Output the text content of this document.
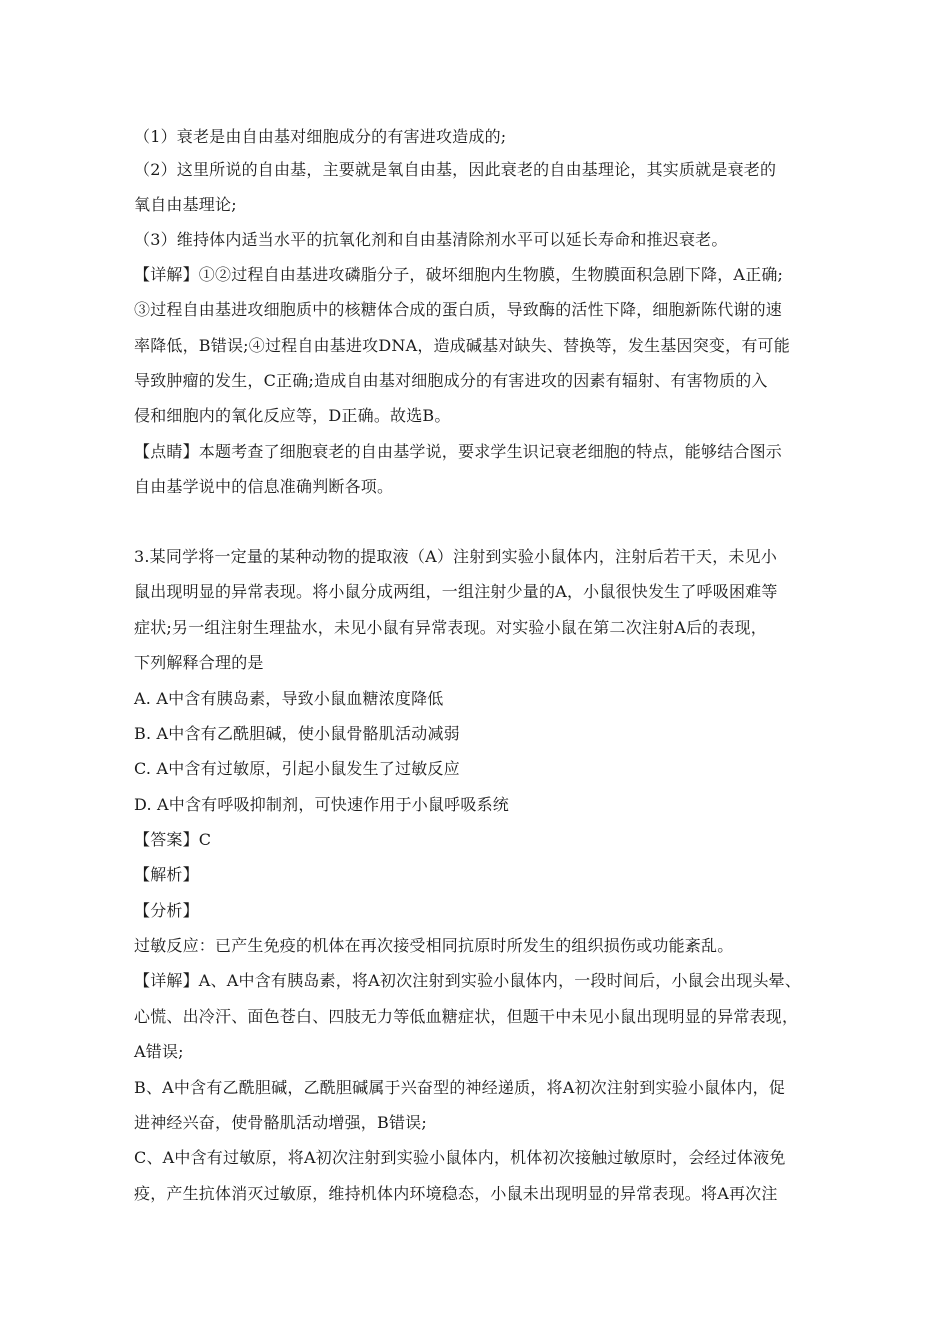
（1）衰老是由自由基对细胞成分的有害进攻造成的;
（2）这里所说的自由基，主要就是氧自由基，因此衰老的自由基理论，其实质就是衰老的
氧自由基理论;
（3）维持体内适当水平的抗氧化剂和自由基清除剂水平可以延长寿命和推迟衰老。
【详解】①②过程自由基进攻磷脂分子，破坏细胞内生物膜，生物膜面积急剧下降，A正确;
③过程自由基进攻细胞质中的核糖体合成的蛋白质，导致酶的活性下降，细胞新陈代谢的速
率降低，B错误;④过程自由基进攻DNA，造成碱基对缺失、替换等，发生基因突变，有可能
导致肿瘤的发生，C正确;造成自由基对细胞成分的有害进攻的因素有辐射、有害物质的入
侵和细胞内的氧化反应等，D正确。故选B。
【点睛】本题考查了细胞衰老的自由基学说，要求学生识记衰老细胞的特点，能够结合图示
自由基学说中的信息准确判断各项。
3.某同学将一定量的某种动物的提取液（A）注射到实验小鼠体内，注射后若干天，未见小
鼠出现明显的异常表现。将小鼠分成两组，一组注射少量的A，小鼠很快发生了呼吸困难等
症状;另一组注射生理盐水，未见小鼠有异常表现。对实验小鼠在第二次注射A后的表现，
下列解释合理的是
A. A中含有胰岛素，导致小鼠血糖浓度降低
B. A中含有乙酰胆碱，使小鼠骨骼肌活动减弱
C. A中含有过敏原，引起小鼠发生了过敏反应
D. A中含有呼吸抑制剂，可快速作用于小鼠呼吸系统
【答案】C
【解析】
【分析】
过敏反应：已产生免疫的机体在再次接受相同抗原时所发生的组织损伤或功能紊乱。
【详解】A、A中含有胰岛素，将A初次注射到实验小鼠体内，一段时间后，小鼠会出现头晕、
心慌、出冷汗、面色苍白、四肢无力等低血糖症状，但题干中未见小鼠出现明显的异常表现，
A错误;
B、A中含有乙酰胆碱，乙酰胆碱属于兴奋型的神经递质，将A初次注射到实验小鼠体内，促
进神经兴奋，使骨骼肌活动增强，B错误;
C、A中含有过敏原，将A初次注射到实验小鼠体内，机体初次接触过敏原时，会经过体液免
疫，产生抗体消灭过敏原，维持机体内环境稳态，小鼠未出现明显的异常表现。将A再次注
